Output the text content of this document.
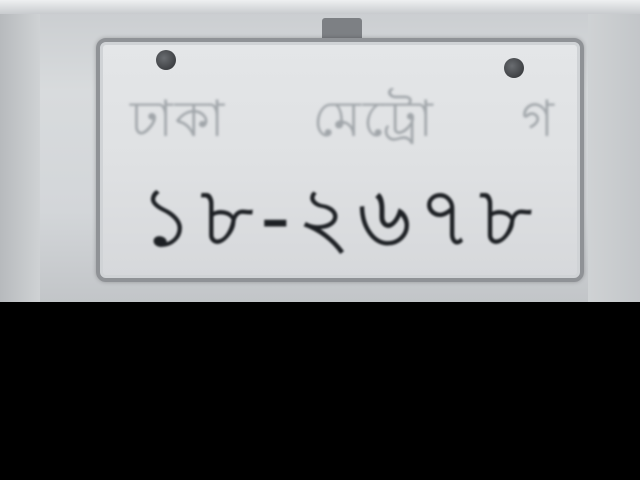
ঢাকা মেট্রো গ
১৮-২৬৭৮
